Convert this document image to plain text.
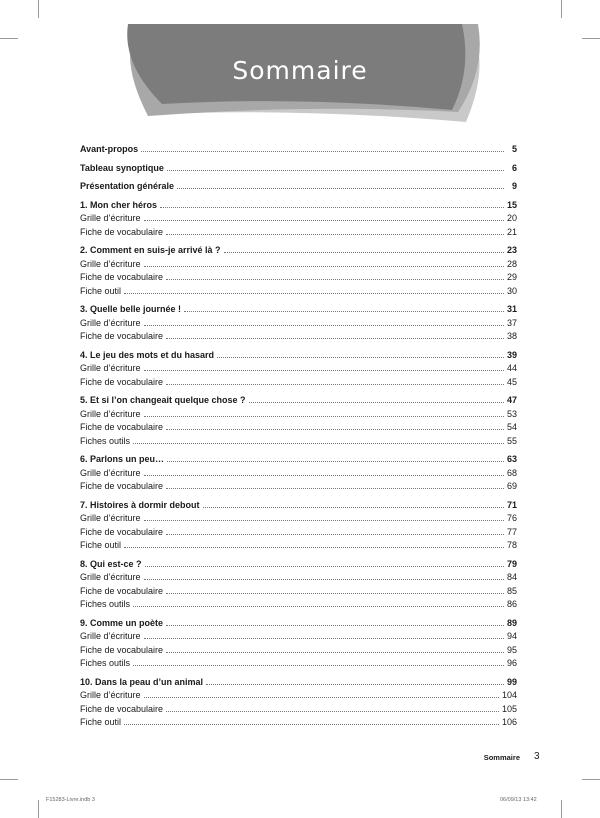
Sommaire
Avant-propos	5
Tableau synoptique	6
Présentation générale	9
1. Mon cher héros	15
Grille d’écriture	20
Fiche de vocabulaire	21
2. Comment en suis-je arrivé là ?	23
Grille d’écriture	28
Fiche de vocabulaire	29
Fiche outil	30
3. Quelle belle journée !	31
Grille d’écriture	37
Fiche de vocabulaire	38
4. Le jeu des mots et du hasard	39
Grille d’écriture	44
Fiche de vocabulaire	45
5. Et si l’on changeait quelque chose ?	47
Grille d’écriture	53
Fiche de vocabulaire	54
Fiches outils	55
6. Parlons un peu…	63
Grille d’écriture	68
Fiche de vocabulaire	69
7. Histoires à dormir debout	71
Grille d’écriture	76
Fiche de vocabulaire	77
Fiche outil	78
8. Qui est-ce ?	79
Grille d’écriture	84
Fiche de vocabulaire	85
Fiches outils	86
9. Comme un poète	89
Grille d’écriture	94
Fiche de vocabulaire	95
Fiches outils	96
10. Dans la peau d’un animal	99
Grille d’écriture	104
Fiche de vocabulaire	105
Fiche outil	106
Sommaire 3
F15283-Livre.indb 3	06/09/13 13:42
